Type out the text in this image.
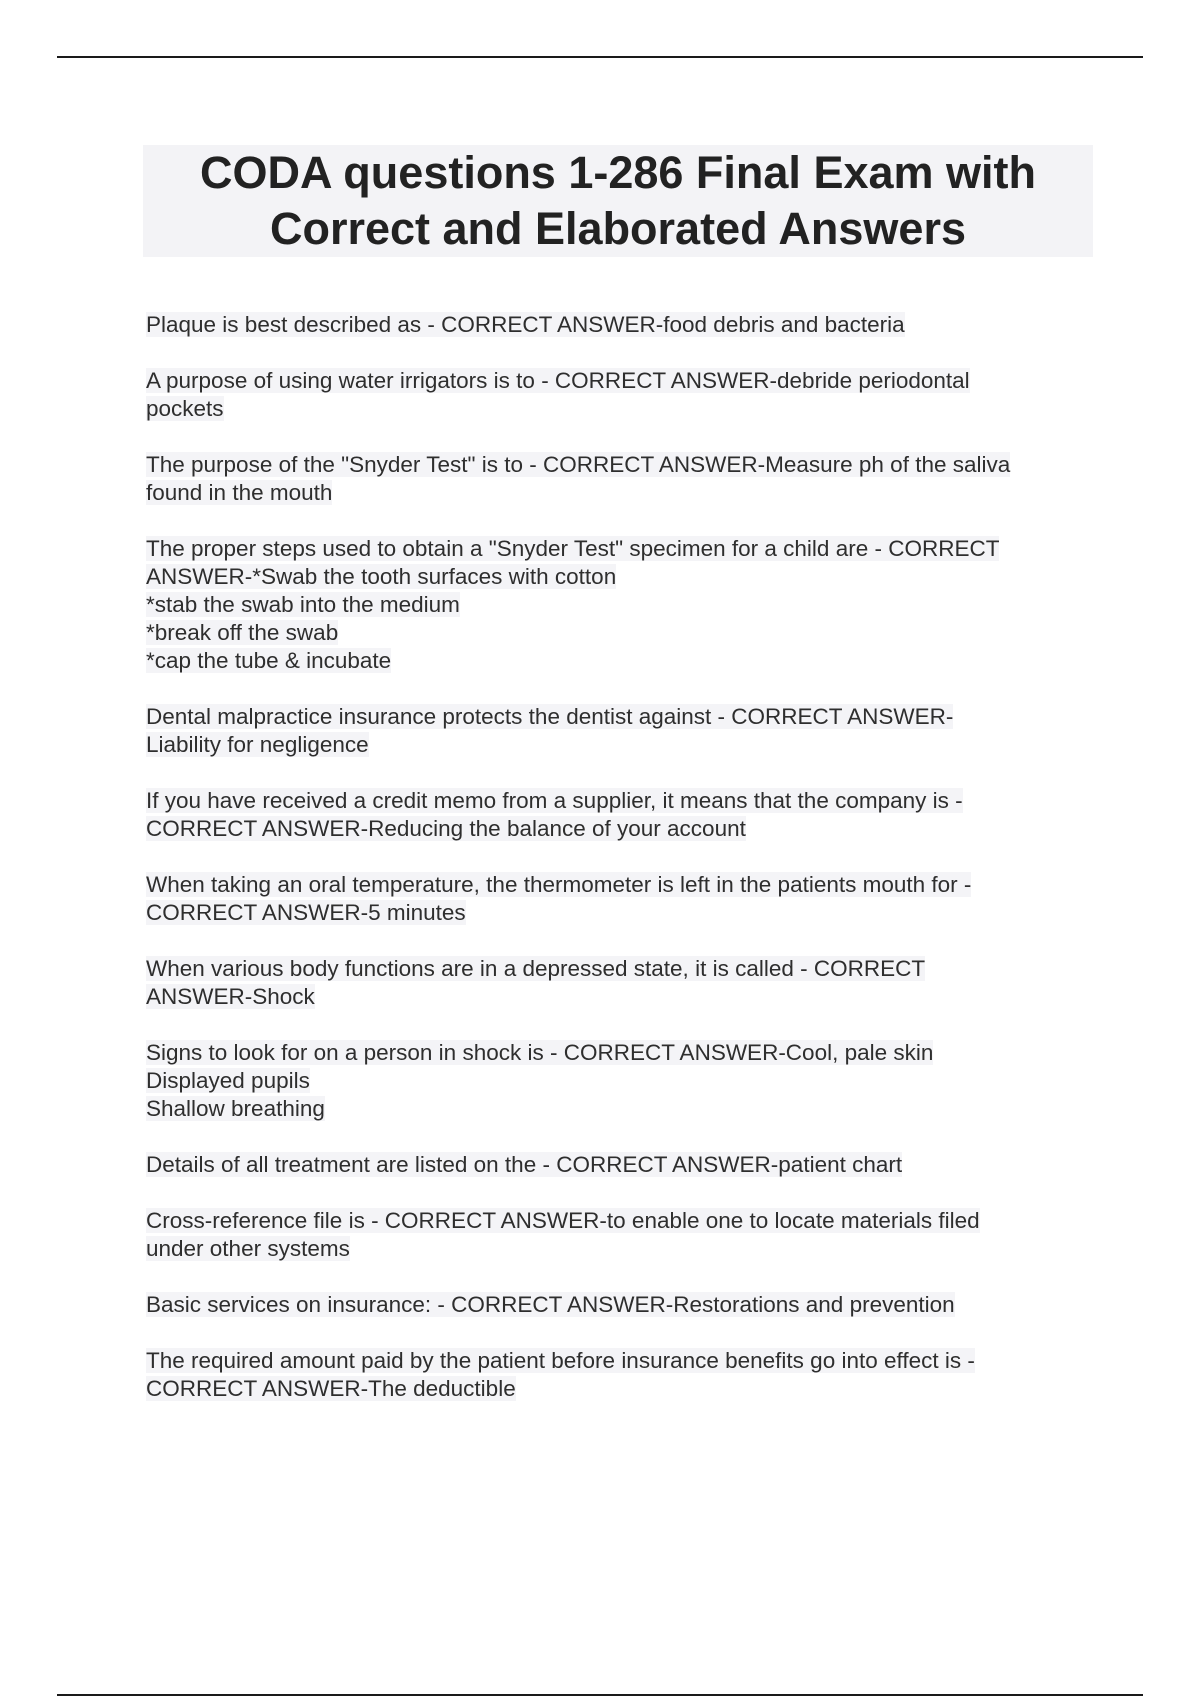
CODA questions 1-286 Final Exam with
Correct and Elaborated Answers
Plaque is best described as - CORRECT ANSWER-food debris and bacteria
A purpose of using water irrigators is to - CORRECT ANSWER-debride periodontal
pockets
The purpose of the "Snyder Test" is to - CORRECT ANSWER-Measure ph of the saliva
found in the mouth
The proper steps used to obtain a "Snyder Test" specimen for a child are - CORRECT
ANSWER-*Swab the tooth surfaces with cotton
*stab the swab into the medium
*break off the swab
*cap the tube & incubate
Dental malpractice insurance protects the dentist against - CORRECT ANSWER-
Liability for negligence
If you have received a credit memo from a supplier, it means that the company is -
CORRECT ANSWER-Reducing the balance of your account
When taking an oral temperature, the thermometer is left in the patients mouth for -
CORRECT ANSWER-5 minutes
When various body functions are in a depressed state, it is called - CORRECT
ANSWER-Shock
Signs to look for on a person in shock is - CORRECT ANSWER-Cool, pale skin
Displayed pupils
Shallow breathing
Details of all treatment are listed on the - CORRECT ANSWER-patient chart
Cross-reference file is - CORRECT ANSWER-to enable one to locate materials filed
under other systems
Basic services on insurance: - CORRECT ANSWER-Restorations and prevention
The required amount paid by the patient before insurance benefits go into effect is -
CORRECT ANSWER-The deductible
